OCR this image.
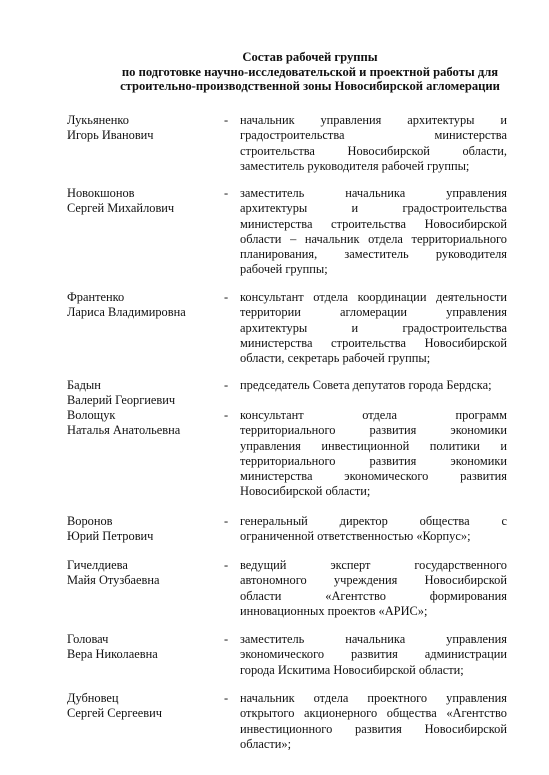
Состав рабочей группы
по подготовке научно-исследовательской и проектной работы для
строительно-производственной зоны Новосибирской агломерации
Лукьяненко
Игорь Иванович
- начальник управления архитектуры и
градостроительства министерства
строительства Новосибирской области,
заместитель руководителя рабочей группы;
Новокшонов
Сергей Михайлович
- заместитель начальника управления
архитектуры и градостроительства
министерства строительства Новосибирской
области – начальник отдела территориального
планирования, заместитель руководителя
рабочей группы;
Франтенко
Лариса Владимировна
- консультант отдела координации деятельности
территории агломерации управления
архитектуры и градостроительства
министерства строительства Новосибирской
области, секретарь рабочей группы;
Бадын
Валерий Георгиевич
- председатель Совета депутатов города Бердска;
Волощук
Наталья Анатольевна
- консультант отдела программ
территориального развития экономики
управления инвестиционной политики и
территориального развития экономики
министерства экономического развития
Новосибирской области;
Воронов
Юрий Петрович
- генеральный директор общества с
ограниченной ответственностью «Корпус»;
Гичелдиева
Майя Отузбаевна
- ведущий эксперт государственного
автономного учреждения Новосибирской
области «Агентство формирования
инновационных проектов «АРИС»;
Головач
Вера Николаевна
- заместитель начальника управления
экономического развития администрации
города Искитима Новосибирской области;
Дубновец
Сергей Сергеевич
- начальник отдела проектного управления
открытого акционерного общества «Агентство
инвестиционного развития Новосибирской
области»;
